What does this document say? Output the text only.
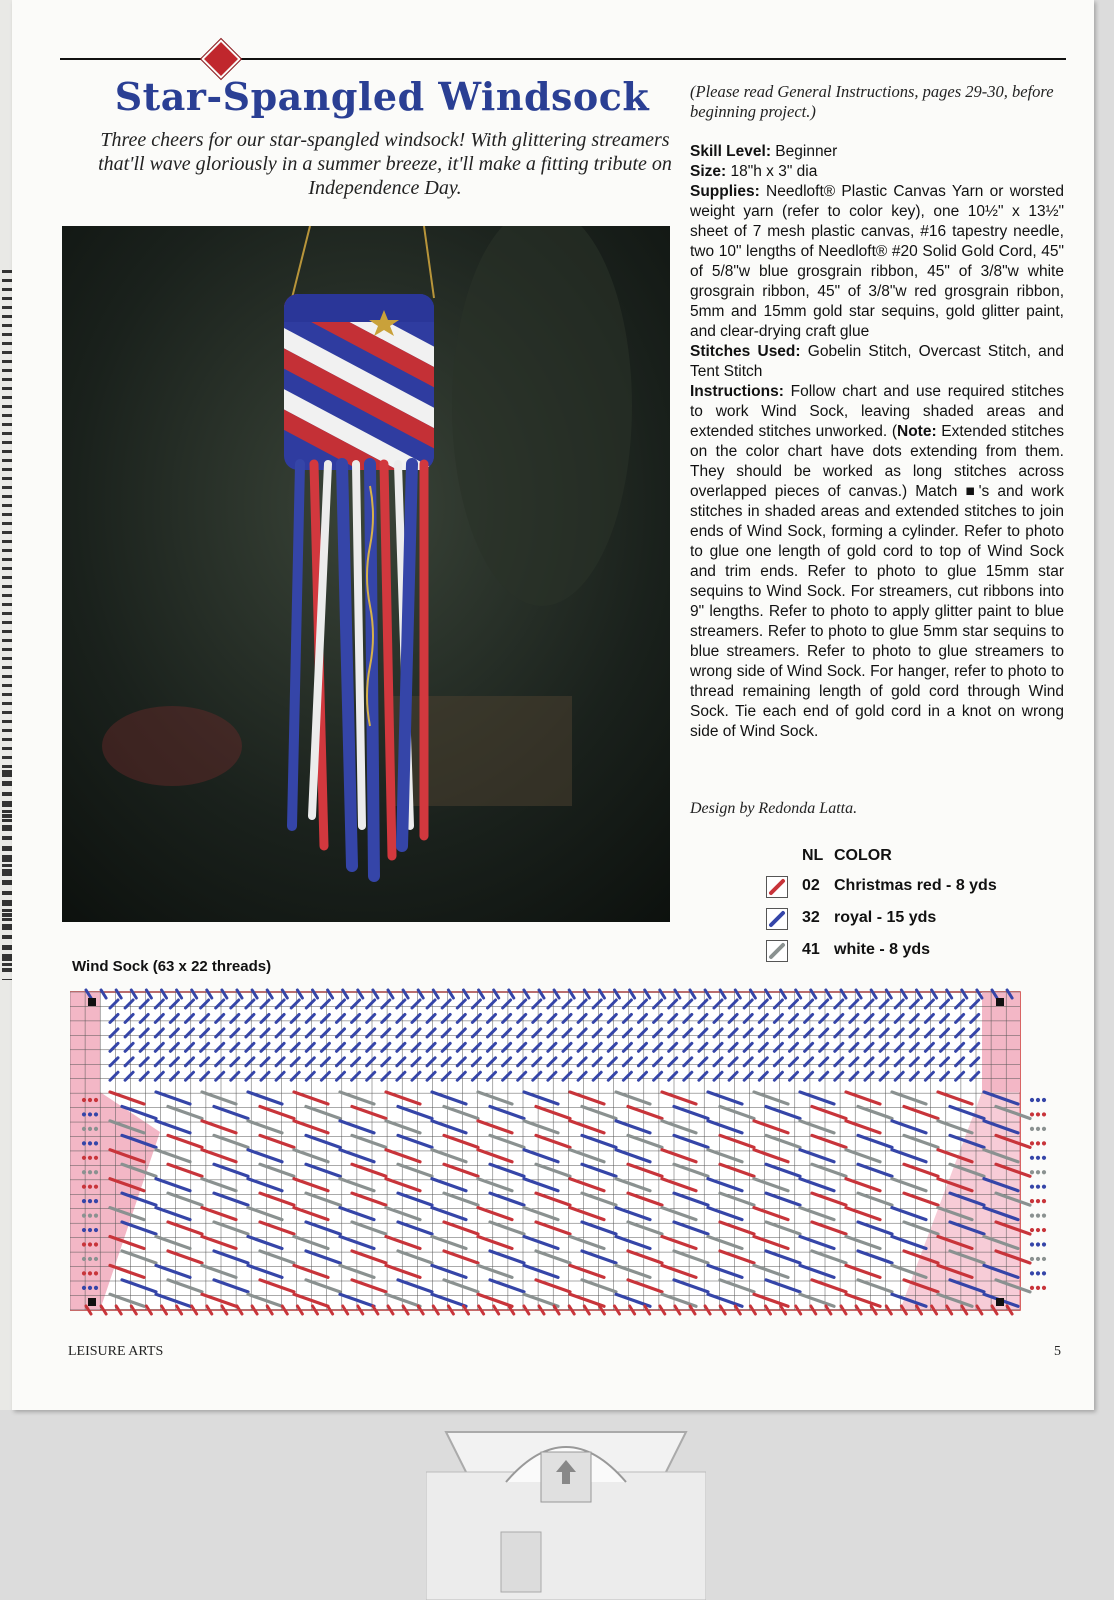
Star-Spangled Windsock
Three cheers for our star-spangled windsock! With glittering streamers that'll wave gloriously in a summer breeze, it'll make a fitting tribute on Independence Day.
(Please read General Instructions, pages 29-30, before beginning project.)

Skill Level: Beginner

Size: 18"h x 3" dia

Supplies: Needloft® Plastic Canvas Yarn or worsted weight yarn (refer to color key), one 10½" x 13½" sheet of 7 mesh plastic canvas, #16 tapestry needle, two 10" lengths of Needloft® #20 Solid Gold Cord, 45" of 5/8"w blue grosgrain ribbon, 45" of 3/8"w white grosgrain ribbon, 45" of 3/8"w red grosgrain ribbon, 5mm and 15mm gold star sequins, gold glitter paint, and clear-drying craft glue

Stitches Used: Gobelin Stitch, Overcast Stitch, and Tent Stitch

Instructions: Follow chart and use required stitches to work Wind Sock, leaving shaded areas and extended stitches unworked. (Note: Extended stitches on the color chart have dots extending from them. They should be worked as long stitches across overlapped pieces of canvas.) Match ■'s and work stitches in shaded areas and extended stitches to join ends of Wind Sock, forming a cylinder. Refer to photo to glue one length of gold cord to top of Wind Sock and trim ends. Refer to photo to glue 15mm star sequins to Wind Sock. For streamers, cut ribbons into 9" lengths. Refer to photo to apply glitter paint to blue streamers. Refer to photo to glue 5mm star sequins to blue streamers. Refer to photo to glue streamers to wrong side of Wind Sock. For hanger, refer to photo to thread remaining length of gold cord through Wind Sock. Tie each end of gold cord in a knot on wrong side of Wind Sock.

Design by Redonda Latta.
NL COLOR
02 Christmas red - 8 yds
32 royal - 15 yds
41 white - 8 yds
Wind Sock (63 x 22 threads)
LEISURE ARTS	5
